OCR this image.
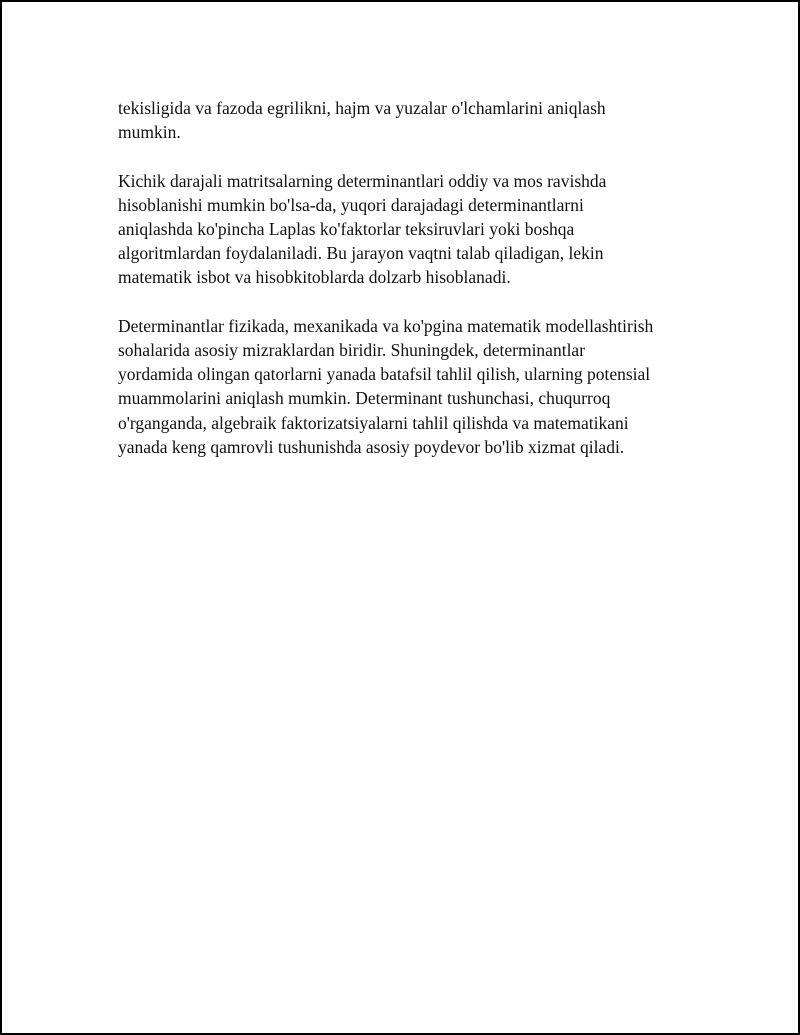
tekisligida va fazoda egrilikni, hajm va yuzalar o'lchamlarini aniqlash
mumkin.

Kichik darajali matritsalarning determinantlari oddiy va mos ravishda
hisoblanishi mumkin bo'lsa-da, yuqori darajadagi determinantlarni
aniqlashda ko'pincha Laplas ko'faktorlar teksiruvlari yoki boshqa
algoritmlardan foydalaniladi. Bu jarayon vaqtni talab qiladigan, lekin
matematik isbot va hisobkitoblarda dolzarb hisoblanadi.

Determinantlar fizikada, mexanikada va ko'pgina matematik modellashtirish
sohalarida asosiy mizraklardan biridir. Shuningdek, determinantlar
yordamida olingan qatorlarni yanada batafsil tahlil qilish, ularning potensial
muammolarini aniqlash mumkin. Determinant tushunchasi, chuqurroq
o'rganganda, algebraik faktorizatsiyalarni tahlil qilishda va matematikani
yanada keng qamrovli tushunishda asosiy poydevor bo'lib xizmat qiladi.
